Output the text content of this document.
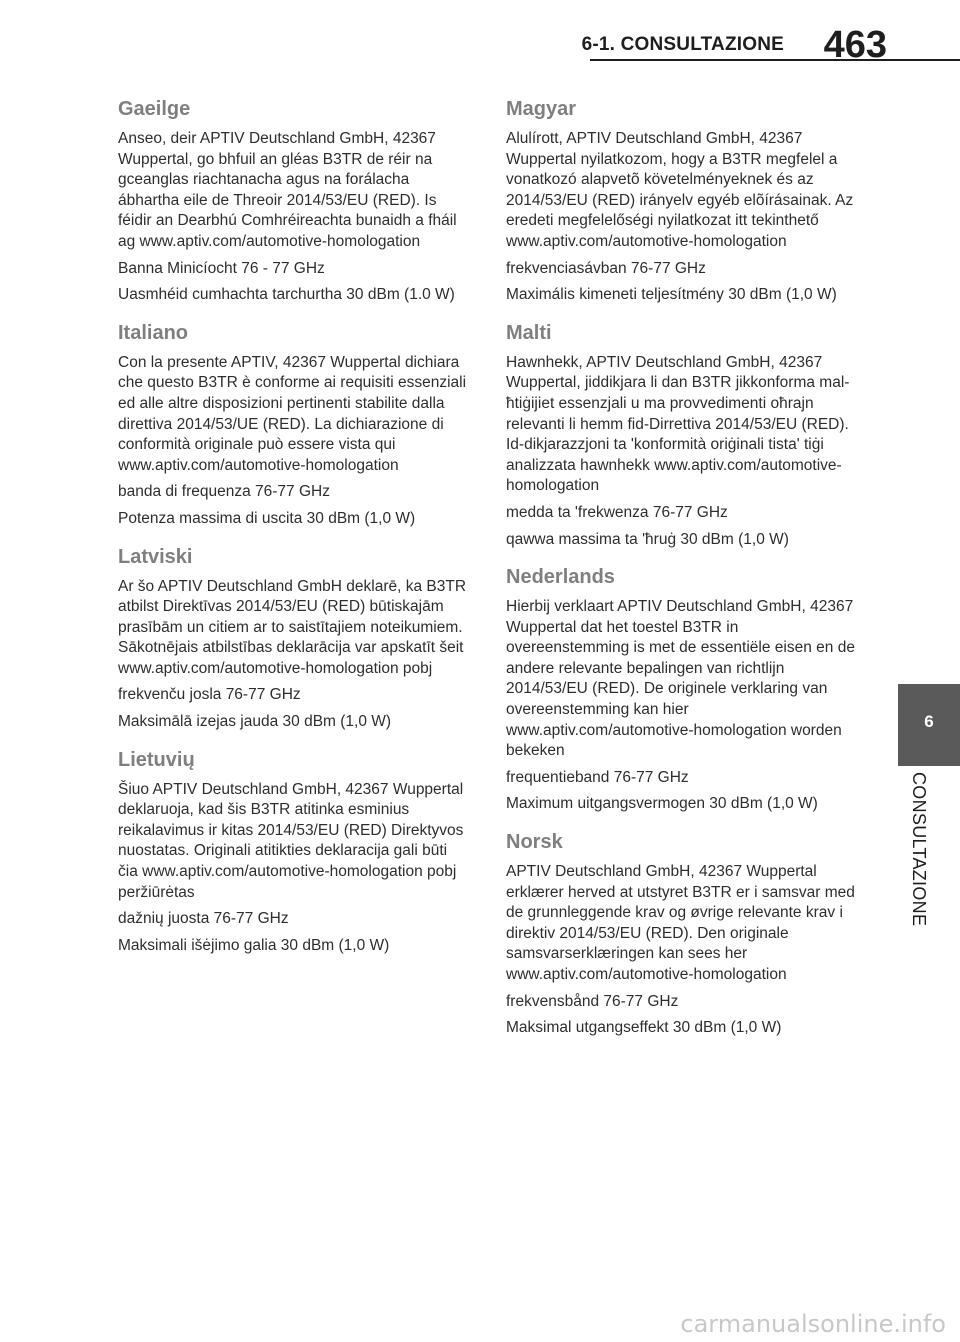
6-1. CONSULTAZIONE 463
Gaeilge

Anseo, deir APTIV Deutschland GmbH, 42367 Wuppertal, go bhfuil an gléas B3TR de réir na gceanglas riachtanacha agus na forálacha ábhartha eile de Threoir 2014/53/EU (RED). Is féidir an Dearbhú Comhréireachta bunaidh a fháil ag www.aptiv.com/automotive-homologation

Banna Minicíocht 76 - 77 GHz

Uasmhéid cumhachta tarchurtha 30 dBm (1.0 W)

Italiano

Con la presente APTIV, 42367 Wuppertal dichiara che questo B3TR è conforme ai requisiti essenziali ed alle altre disposizioni pertinenti stabilite dalla direttiva 2014/53/UE (RED). La dichiarazione di conformità originale può essere vista qui www.aptiv.com/automotive-homologation

banda di frequenza 76-77 GHz

Potenza massima di uscita 30 dBm (1,0 W)

Latviski

Ar šo APTIV Deutschland GmbH deklarē, ka B3TR atbilst Direktīvas 2014/53/EU (RED) būtiskajām prasībām un citiem ar to saistītajiem noteikumiem. Sākotnējais atbilstības deklarācija var apskatīt šeit www.aptiv.com/automotive-homologation pobj

frekvenču josla 76-77 GHz

Maksimālā izejas jauda 30 dBm (1,0 W)

Lietuvių

Šiuo APTIV Deutschland GmbH, 42367 Wuppertal deklaruoja, kad šis B3TR atitinka esminius reikalavimus ir kitas 2014/53/EU (RED) Direktyvos nuostatas. Originali atitikties deklaracija gali būti čia www.aptiv.com/automotive-homologation pobj peržiūrėtas

dažnių juosta 76-77 GHz

Maksimali išėjimo galia 30 dBm (1,0 W)

Magyar

Alulírott, APTIV Deutschland GmbH, 42367 Wuppertal nyilatkozom, hogy a B3TR megfelel a vonatkozó alapvetõ követelményeknek és az 2014/53/EU (RED) irányelv egyéb elõírásainak. Az eredeti megfelelőségi nyilatkozat itt tekinthető www.aptiv.com/automotive-homologation

frekvenciasávban 76-77 GHz

Maximális kimeneti teljesítmény 30 dBm (1,0 W)

Malti

Hawnhekk, APTIV Deutschland GmbH, 42367 Wuppertal, jiddikjara li dan B3TR jikkonforma mal-ħtiġijiet essenzjali u ma provvedimenti oħrajn relevanti li hemm fid-Dirrettiva 2014/53/EU (RED). Id-dikjarazzjoni ta 'konformità oriġinali tista' tiġi analizzata hawnhekk www.aptiv.com/automotive-homologation

medda ta 'frekwenza 76-77 GHz

qawwa massima ta 'ħruġ 30 dBm (1,0 W)

Nederlands

Hierbij verklaart APTIV Deutschland GmbH, 42367 Wuppertal dat het toestel B3TR in overeenstemming is met de essentiële eisen en de andere relevante bepalingen van richtlijn 2014/53/EU (RED). De originele verklaring van overeenstemming kan hier www.aptiv.com/automotive-homologation worden bekeken

frequentieband 76-77 GHz

Maximum uitgangsvermogen 30 dBm (1,0 W)

Norsk

APTIV Deutschland GmbH, 42367 Wuppertal erklærer herved at utstyret B3TR er i samsvar med de grunnleggende krav og øvrige relevante krav i direktiv 2014/53/EU (RED). Den originale samsvarserklæringen kan sees her www.aptiv.com/automotive-homologation

frekvensbånd 76-77 GHz

Maksimal utgangseffekt 30 dBm (1,0 W)

6
CONSULTAZIONE
carmanualsonline.info
